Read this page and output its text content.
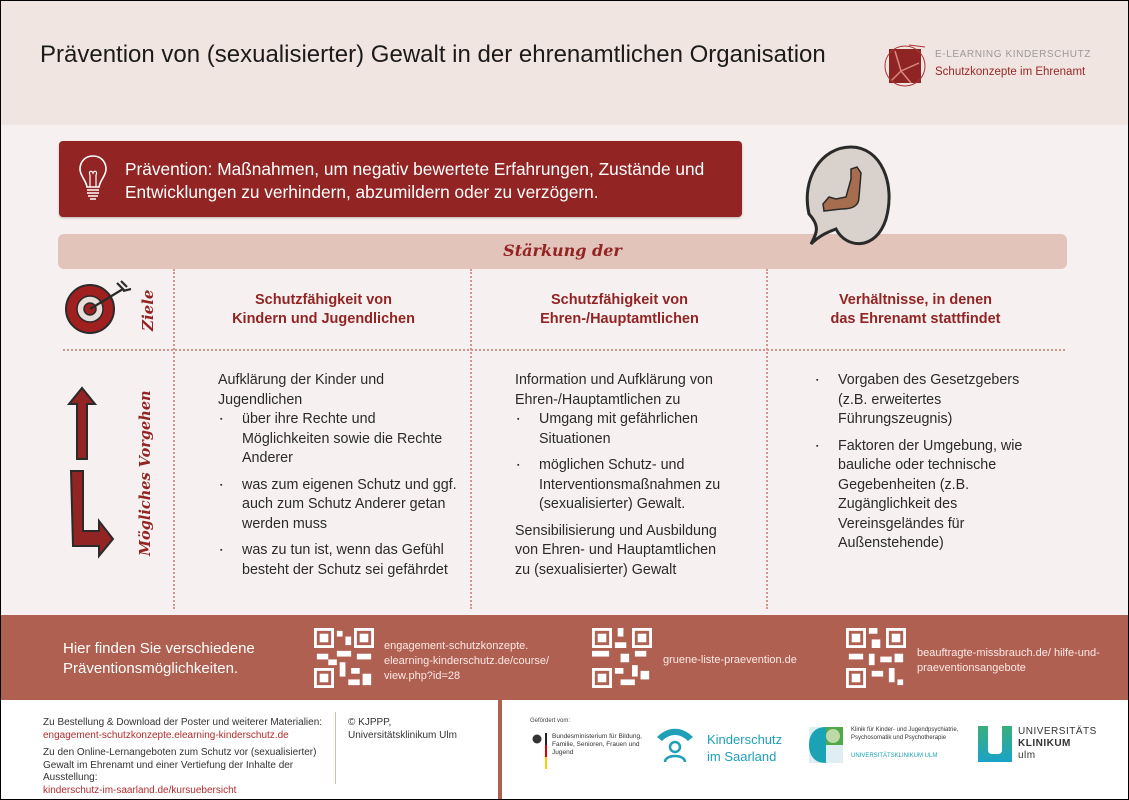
Prävention von (sexualisierter) Gewalt in der ehrenamtlichen Organisation	E-LEARNING KINDERSCHUTZ
Schutzkonzepte im Ehrenamt
Prävention: Maßnahmen, um negativ bewertete Erfahrungen, Zustände und Entwicklungen zu verhindern, abzumildern oder zu verzögern.
Stärkung der
Ziele	Schutzfähigkeit von
Kindern und Jugendlichen
Schutzfähigkeit von
Ehren-/Hauptamtlichen
Verhältnisse, in denen
das Ehrenamt stattfindet
Mögliches Vorgehen

Aufklärung der Kinder und Jugendlichen

▪ über ihre Rechte und Möglichkeiten sowie die Rechte Anderer
▪ was zum eigenen Schutz und ggf. auch zum Schutz Anderer getan werden muss
▪ was zu tun ist, wenn das Gefühl besteht der Schutz sei gefährdet

Information und Aufklärung von Ehren-/Hauptamtlichen zu

▪ Umgang mit gefährlichen Situationen
▪ möglichen Schutz- und Interventionsmaßnahmen zu (sexualisierter) Gewalt.

Sensibilisierung und Ausbildung von Ehren- und Hauptamtlichen zu (sexualisierter) Gewalt

▪ Vorgaben des Gesetzgebers (z.B. erweitertes Führungszeugnis)
▪ Faktoren der Umgebung, wie bauliche oder technische Gegebenheiten (z.B. Zugänglichkeit des Vereinsgeländes für Außenstehende)
Hier finden Sie verschiedene Präventionsmöglichkeiten.
engagement-schutzkonzepte. elearning-kinderschutz.de/course/ view.php?id=28
gruene-liste-praevention.de
beauftragte-missbrauch.de/ hilfe-und-praeventionsangebote
Zu Bestellung & Download der Poster und weiterer Materialien:
engagement-schutzkonzepte.elearning-kinderschutz.de
Zu den Online-Lernangeboten zum Schutz vor (sexualisierter) Gewalt im Ehrenamt und einer Vertiefung der Inhalte der Ausstellung:
kinderschutz-im-saarland.de/kursuebersicht
© KJPPP, Universitätsklinikum Ulm
Gefördert vom:
Bundesministerium für Bildung, Familie, Senioren, Frauen und Jugend
Kinderschutz
im Saarland
Klinik für Kinder- und Jugendpsychiatrie, Psychosomatik und Psychotherapie
UNIVERSITÄTSKLINIKUM ULM
UNIVERSITÄTS
KLINIKUM
ulm
